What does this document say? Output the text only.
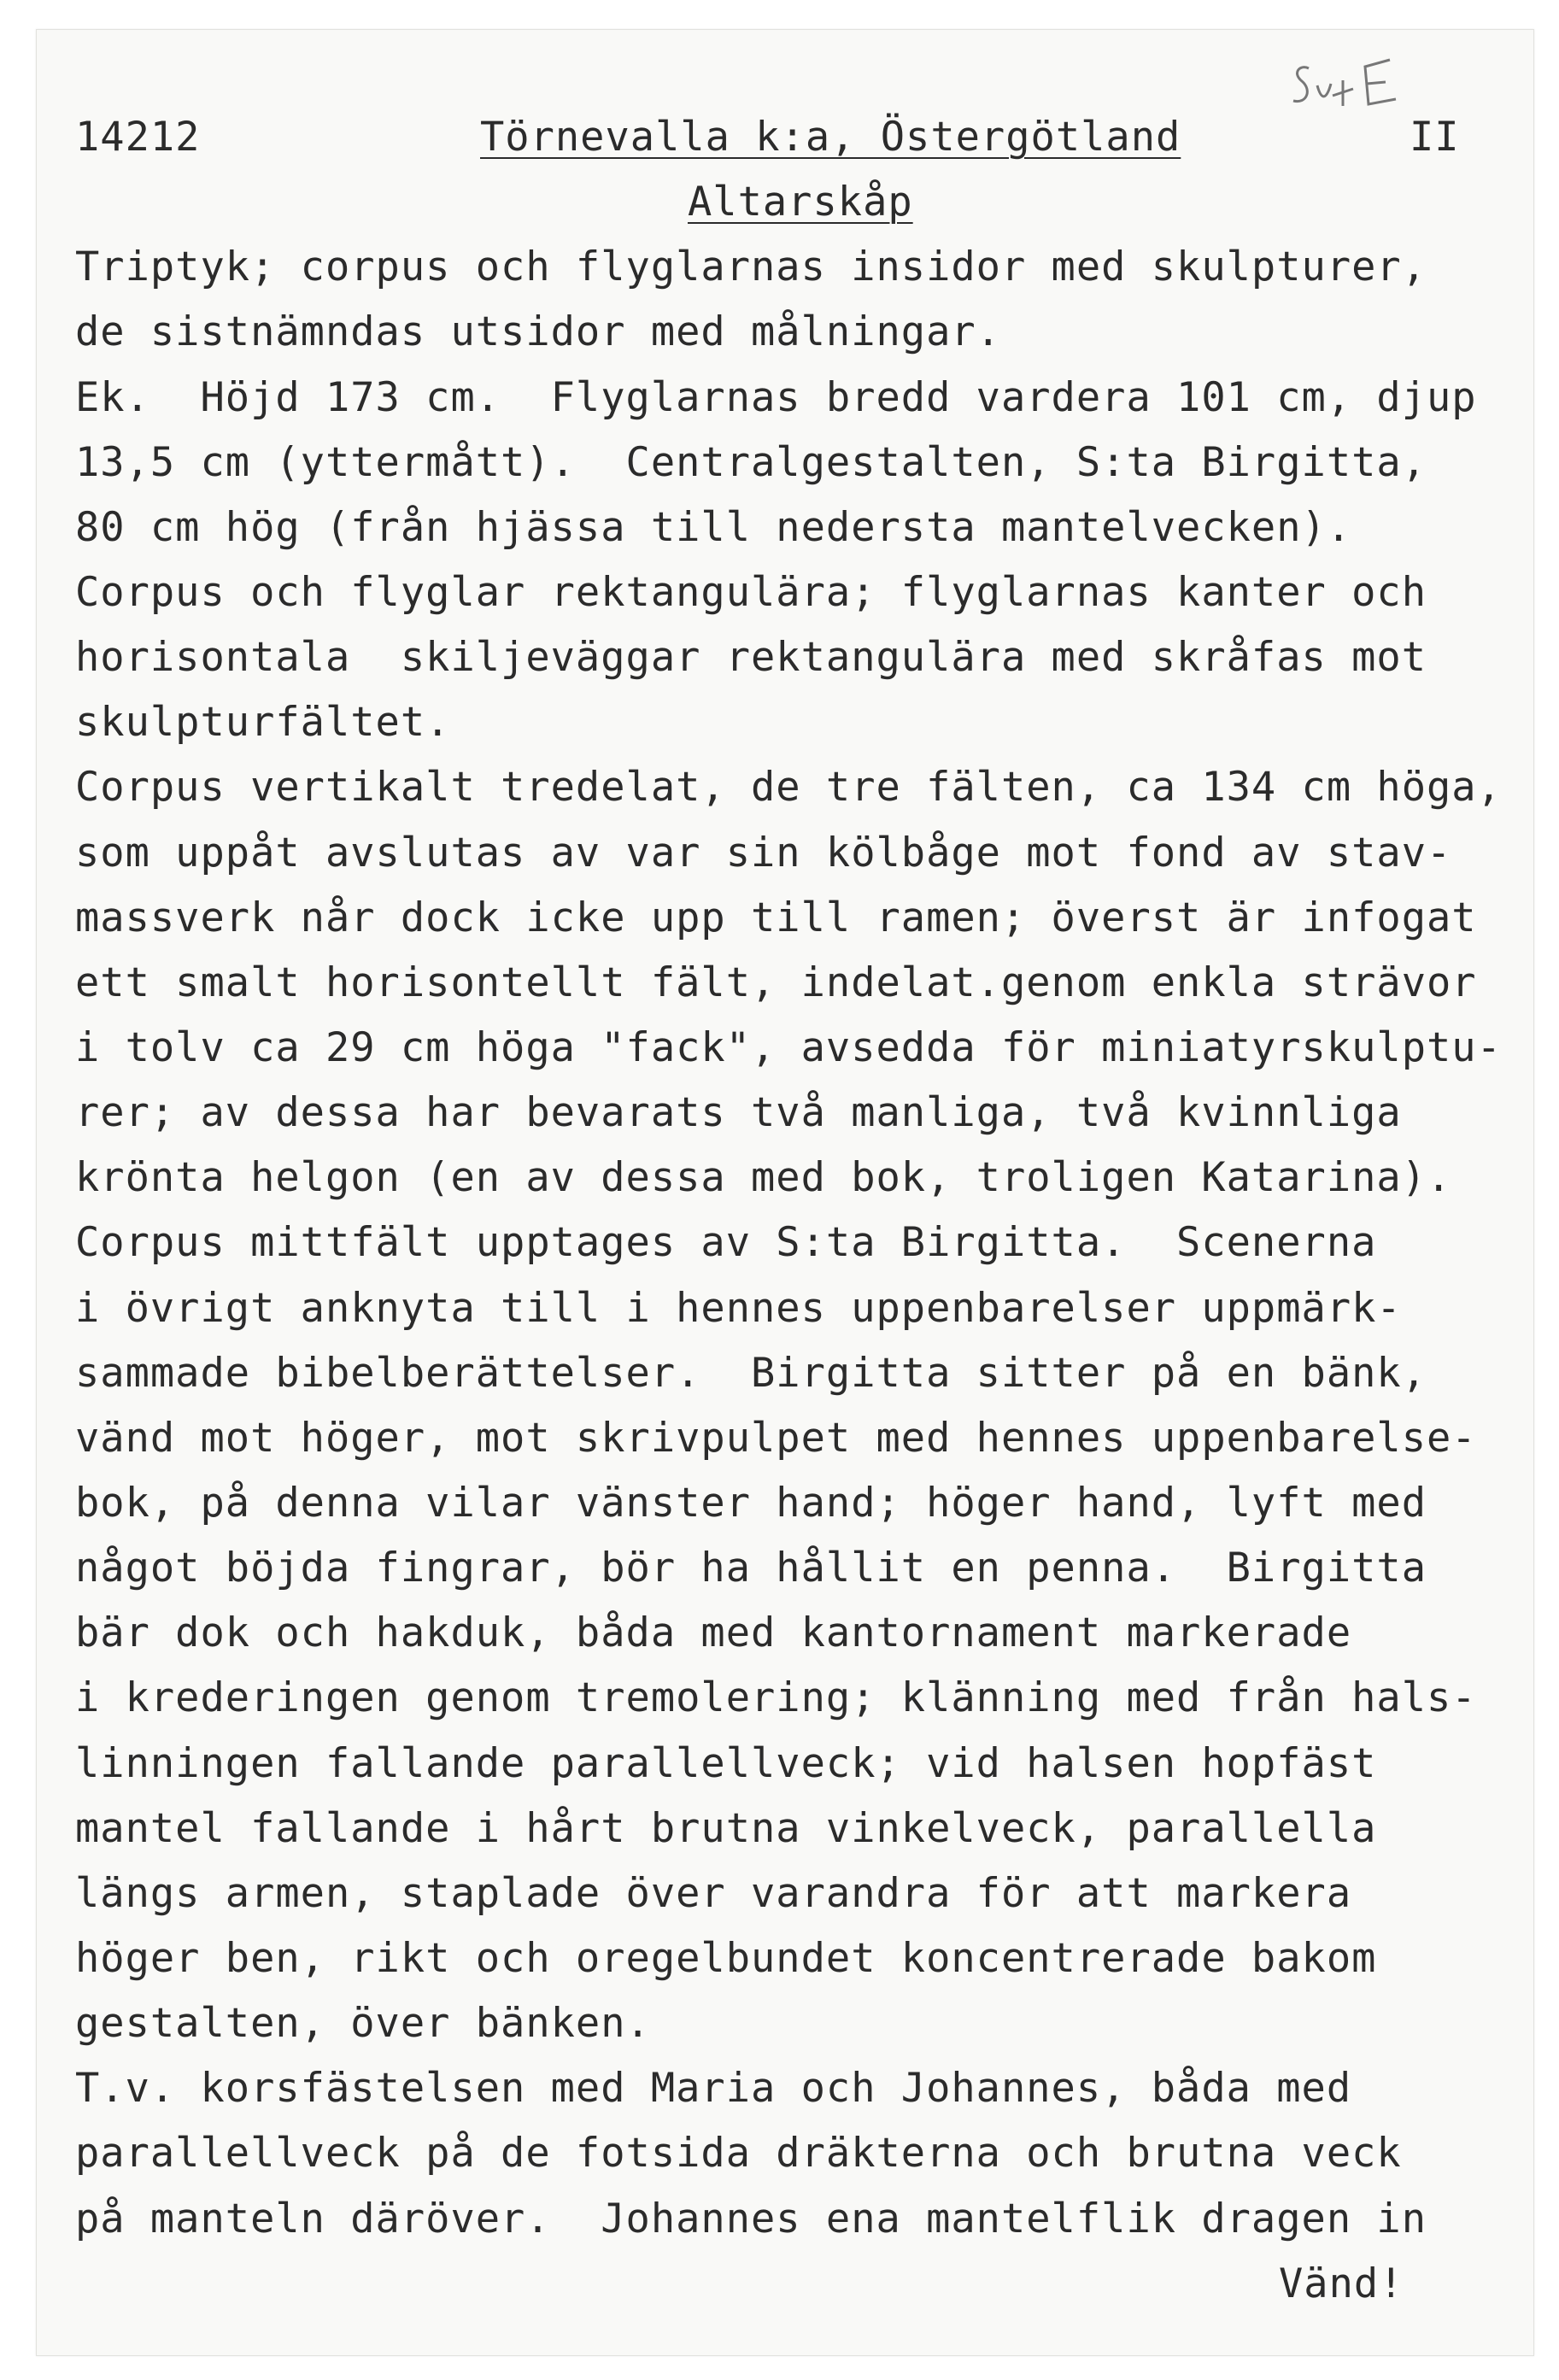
14212	Törnevalla k:a, Östergötland	II
Altarskåp
Triptyk; corpus och flyglarnas insidor med skulpturer,
de sistnämndas utsidor med målningar.
Ek.  Höjd 173 cm.  Flyglarnas bredd vardera 101 cm, djup
13,5 cm (yttermått).  Centralgestalten, S:ta Birgitta,
80 cm hög (från hjässa till nedersta mantelvecken).
Corpus och flyglar rektangulära; flyglarnas kanter och
horisontala  skiljeväggar rektangulära med skråfas mot
skulpturfältet.
Corpus vertikalt tredelat, de tre fälten, ca 134 cm höga,
som uppåt avslutas av var sin kölbåge mot fond av stav-
massverk når dock icke upp till ramen; överst är infogat
ett smalt horisontellt fält, indelat.genom enkla strävor
i tolv ca 29 cm höga "fack", avsedda för miniatyrskulptu-
rer; av dessa har bevarats två manliga, två kvinnliga
krönta helgon (en av dessa med bok, troligen Katarina).
Corpus mittfält upptages av S:ta Birgitta.  Scenerna
i övrigt anknyta till i hennes uppenbarelser uppmärk-
sammade bibelberättelser.  Birgitta sitter på en bänk,
vänd mot höger, mot skrivpulpet med hennes uppenbarelse-
bok, på denna vilar vänster hand; höger hand, lyft med
något böjda fingrar, bör ha hållit en penna.  Birgitta
bär dok och hakduk, båda med kantornament markerade
i krederingen genom tremolering; klänning med från hals-
linningen fallande parallellveck; vid halsen hopfäst
mantel fallande i hårt brutna vinkelveck, parallella
längs armen, staplade över varandra för att markera
höger ben, rikt och oregelbundet koncentrerade bakom
gestalten, över bänken.
T.v. korsfästelsen med Maria och Johannes, båda med
parallellveck på de fotsida dräkterna och brutna veck
på manteln däröver.  Johannes ena mantelflik dragen in
Vänd!
